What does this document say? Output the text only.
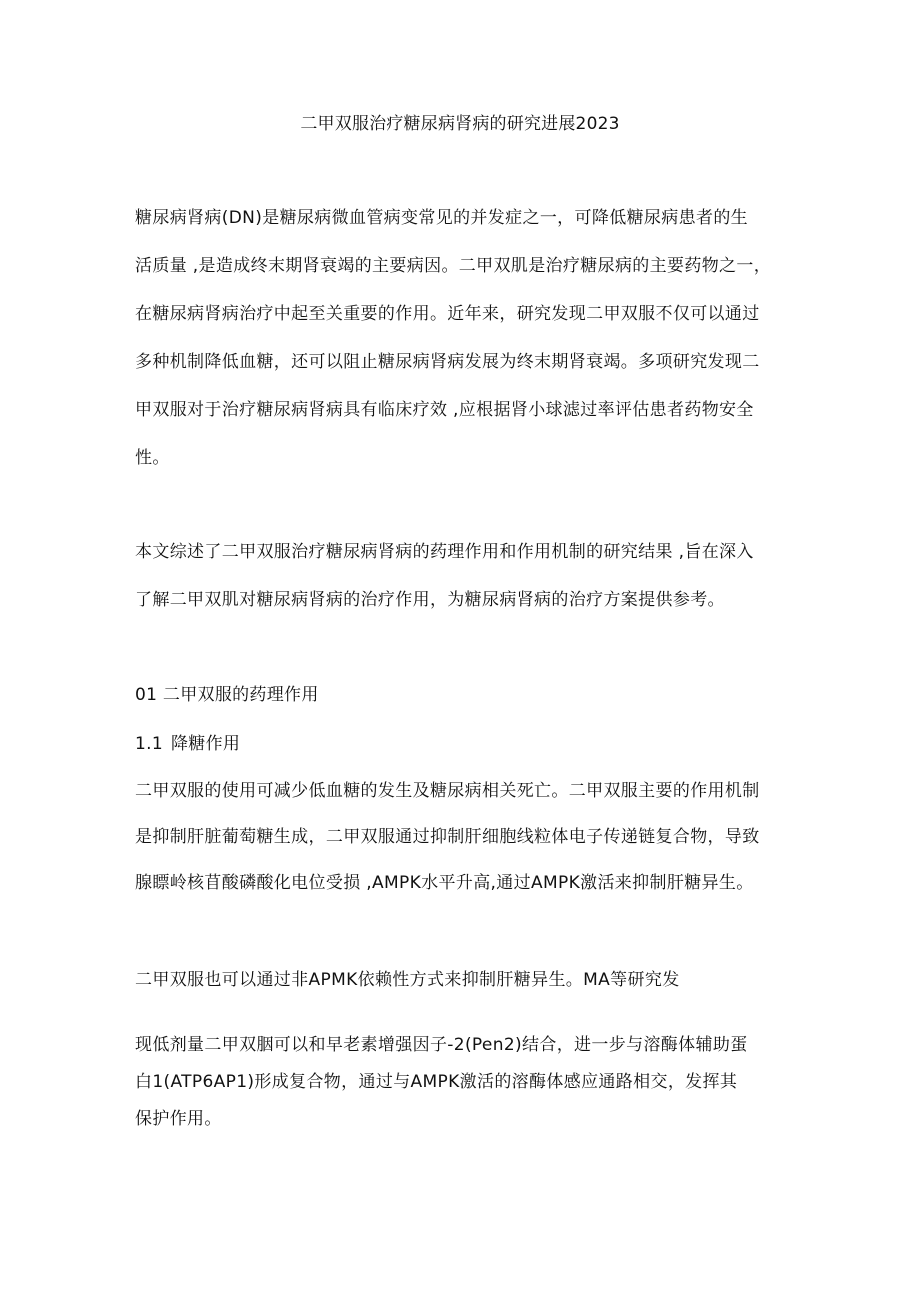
二甲双服治疗糖尿病肾病的研究进展2023
糖尿病肾病(DN)是糖尿病微血管病变常见的并发症之一，可降低糖尿病患者的生
活质量 ,是造成终末期肾衰竭的主要病因。二甲双肌是治疗糖尿病的主要药物之一，
在糖尿病肾病治疗中起至关重要的作用。近年来，研究发现二甲双服不仅可以通过
多种机制降低血糖，还可以阻止糖尿病肾病发展为终末期肾衰竭。多项研究发现二
甲双服对于治疗糖尿病肾病具有临床疗效 ,应根据肾小球滤过率评估患者药物安全
性。
本文综述了二甲双服治疗糖尿病肾病的药理作用和作用机制的研究结果 ,旨在深入
了解二甲双肌对糖尿病肾病的治疗作用，为糖尿病肾病的治疗方案提供参考。
01 二甲双服的药理作用
1.1 降糖作用
二甲双服的使用可减少低血糖的发生及糖尿病相关死亡。二甲双服主要的作用机制
是抑制肝脏葡萄糖生成，二甲双服通过抑制肝细胞线粒体电子传递链复合物，导致
腺瞟岭核苜酸磷酸化电位受损 ,AMPK水平升高,通过AMPK激活来抑制肝糖异生。
二甲双服也可以通过非APMK依赖性方式来抑制肝糖异生。MA等研究发
现低剂量二甲双胭可以和早老素增强因子-2(Pen2)结合，进一步与溶酶体辅助蛋
白1(ATP6AP1)形成复合物，通过与AMPK激活的溶酶体感应通路相交，发挥其
保护作用。
